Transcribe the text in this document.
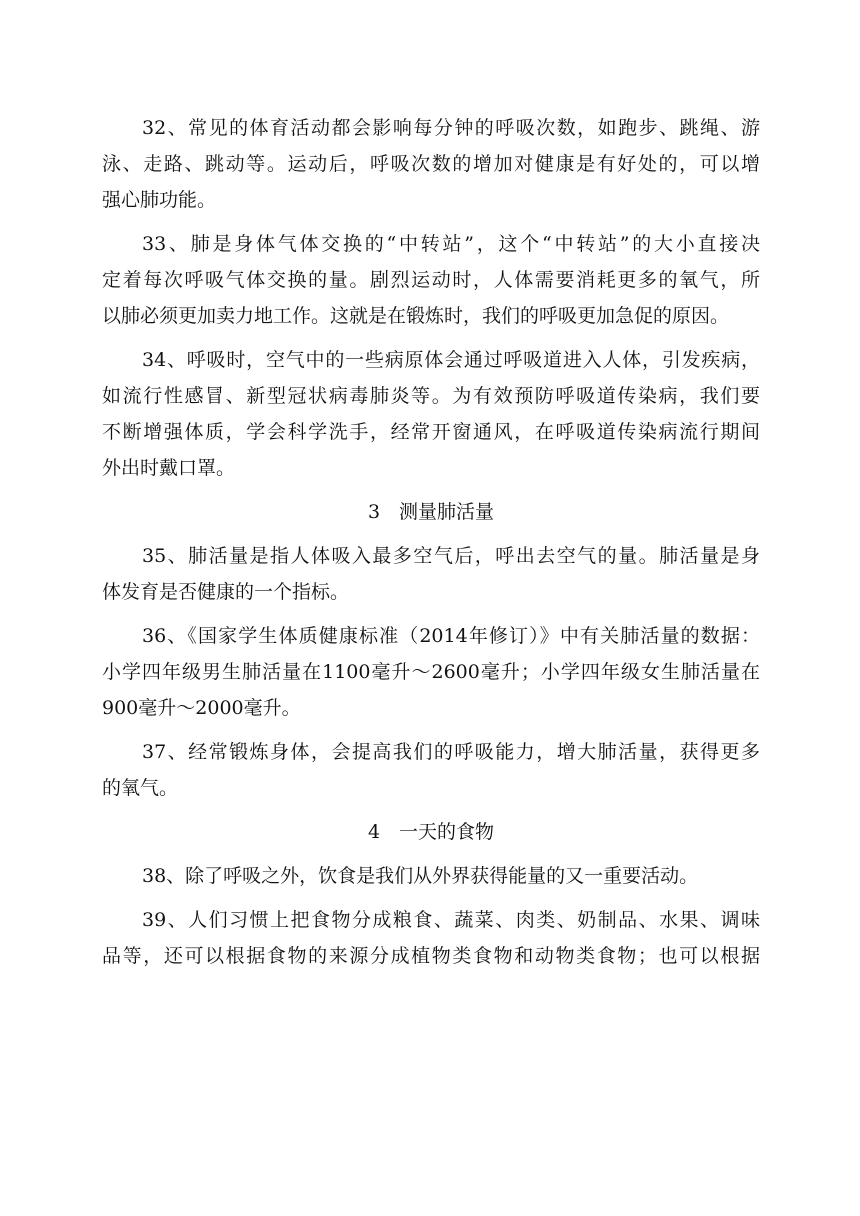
32、常见的体育活动都会影响每分钟的呼吸次数，如跑步、跳绳、游
泳、走路、跳动等。运动后，呼吸次数的增加对健康是有好处的，可以增
强心肺功能。
33、肺是身体气体交换的“中转站”，这个“中转站”的大小直接决
定着每次呼吸气体交换的量。剧烈运动时，人体需要消耗更多的氧气，所
以肺必须更加卖力地工作。这就是在锻炼时，我们的呼吸更加急促的原因。
34、呼吸时，空气中的一些病原体会通过呼吸道进入人体，引发疾病，
如流行性感冒、新型冠状病毒肺炎等。为有效预防呼吸道传染病，我们要
不断增强体质，学会科学洗手，经常开窗通风，在呼吸道传染病流行期间
外出时戴口罩。
3　测量肺活量
35、肺活量是指人体吸入最多空气后，呼出去空气的量。肺活量是身
体发育是否健康的一个指标。
36、《国家学生体质健康标准（2014年修订）》中有关肺活量的数据：
小学四年级男生肺活量在1100毫升～2600毫升；小学四年级女生肺活量在
900毫升～2000毫升。
37、经常锻炼身体，会提高我们的呼吸能力，增大肺活量，获得更多
的氧气。
4　一天的食物
38、除了呼吸之外，饮食是我们从外界获得能量的又一重要活动。
39、人们习惯上把食物分成粮食、蔬菜、肉类、奶制品、水果、调味
品等，还可以根据食物的来源分成植物类食物和动物类食物；也可以根据
